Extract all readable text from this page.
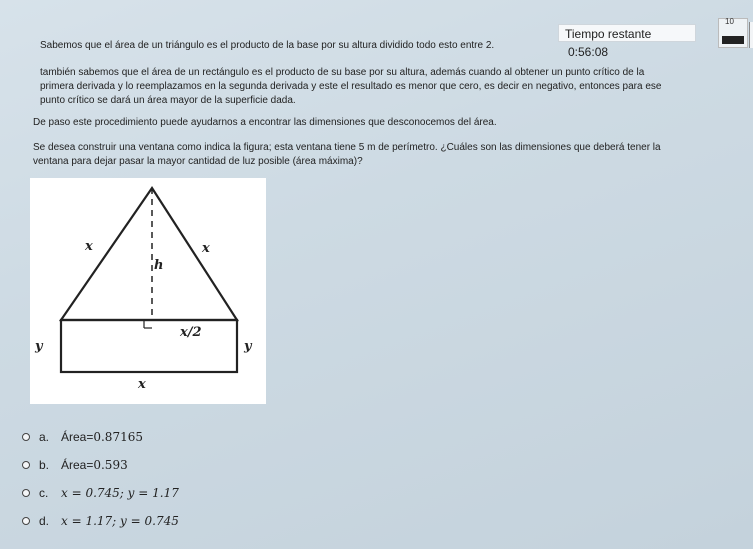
Tiempo restante 0:56:08
10

Sabemos que el área de un triángulo es el producto de la base por su altura dividido todo esto entre 2.

también sabemos que el área de un rectángulo es el producto de su base por su altura, además cuando al obtener un punto crítico de la primera derivada y lo reemplazamos en la segunda derivada y este el resultado es menor que cero, es decir en negativo, entonces para ese punto crítico se dará un área mayor de la superficie dada.

De paso este procedimiento puede ayudarnos a encontrar las dimensiones que desconocemos del área.

Se desea construir una ventana como indica la figura; esta ventana tiene 5 m de perímetro. ¿Cuáles son las dimensiones que deberá tener la ventana para dejar pasar la mayor cantidad de luz posible (área máxima)?

x	x
h
x/2
y	y
x
a. Área=0.87165
b. Área=0.593
c.	x = 0.745; y = 1.17
d. x = 1.17; y = 0.745
